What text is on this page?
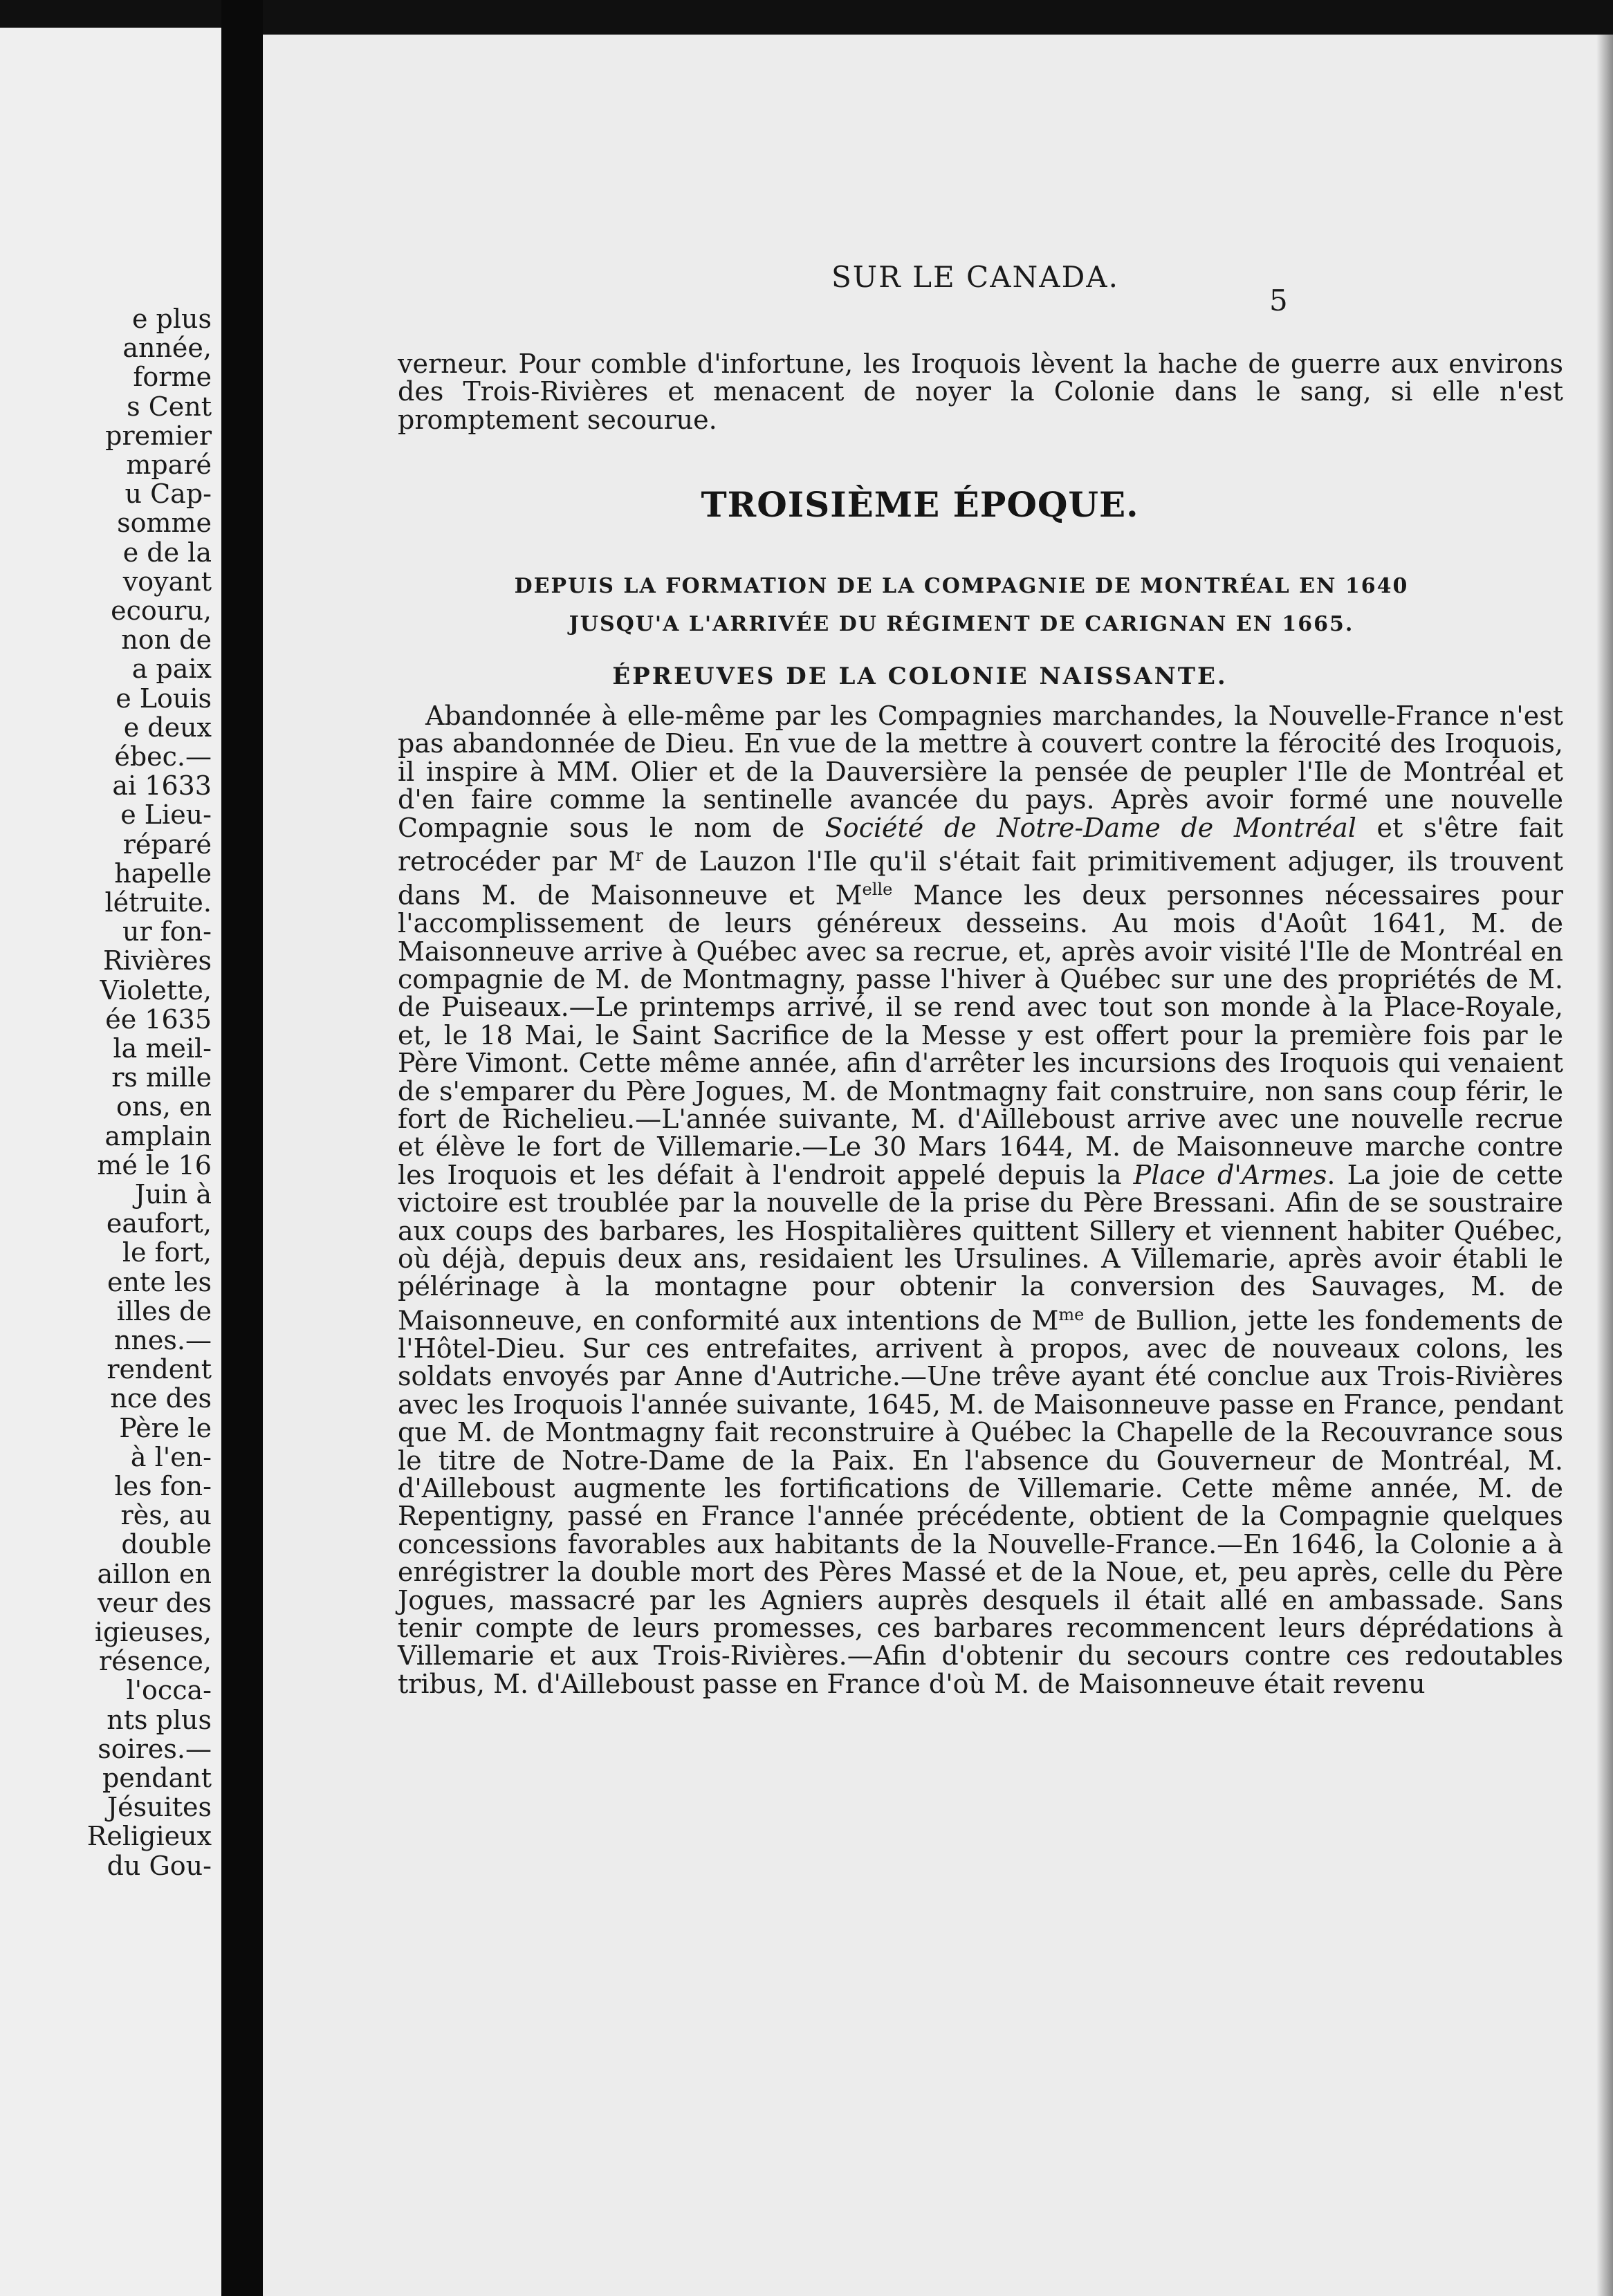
e plus
année,
forme
s Cent
premier
mparé
u Cap-
somme
e de la
voyant
ecouru,
non de
a paix
e Louis
e deux
ébec.—
ai 1633
e Lieu-
réparé
hapelle
létruite.
ur fon-
Rivières
Violette,
ée 1635
la meil-
rs mille
ons, en
amplain
mé le 16
Juin à
eaufort,
le fort,
ente les
illes de
nnes.—
rendent
nce des
Père le
à l'en-
les fon-
rès, au
double
aillon en
veur des
igieuses,
résence,
l'occa-
nts plus
soires.—
pendant
Jésuites
Religieux
du Gou-
SUR LE CANADA.
5

verneur. Pour comble d'infortune, les Iroquois lèvent la hache de guerre aux environs des Trois-Rivières et menacent de noyer la Colonie dans le sang, si elle n'est promptement secourue.

TROISIÈME ÉPOQUE.
DEPUIS LA FORMATION DE LA COMPAGNIE DE MONTRÉAL EN 1640
JUSQU'A L'ARRIVÉE DU RÉGIMENT DE CARIGNAN EN 1665.
ÉPREUVES DE LA COLONIE NAISSANTE.

Abandonnée à elle-même par les Compagnies marchandes, la Nouvelle-France n'est pas abandonnée de Dieu. En vue de la mettre à couvert contre la férocité des Iroquois, il inspire à MM. Olier et de la Dauversière la pensée de peupler l'Ile de Montréal et d'en faire comme la sentinelle avancée du pays. Après avoir formé une nouvelle Compagnie sous le nom de Société de Notre-Dame de Montréal et s'être fait retrocéder par $M^r$ de Lauzon l'Ile qu'il s'était fait primitivement adjuger, ils trouvent dans M. de Maisonneuve et $M^{elle}$ Mance les deux personnes nécessaires pour l'accomplissement de leurs généreux desseins. Au mois d'Août 1641, M. de Maisonneuve arrive à Québec avec sa recrue, et, après avoir visité l'Ile de Montréal en compagnie de M. de Montmagny, passe l'hiver à Québec sur une des propriétés de M. de Puiseaux.—Le printemps arrivé, il se rend avec tout son monde à la Place-Royale, et, le 18 Mai, le Saint Sacrifice de la Messe y est offert pour la première fois par le Père Vimont. Cette même année, afin d'arrêter les incursions des Iroquois qui venaient de s'emparer du Père Jogues, M. de Montmagny fait construire, non sans coup férir, le fort de Richelieu.—L'année suivante, M. d'Ailleboust arrive avec une nouvelle recrue et élève le fort de Villemarie.—Le 30 Mars 1644, M. de Maisonneuve marche contre les Iroquois et les défait à l'endroit appelé depuis la Place d'Armes. La joie de cette victoire est troublée par la nouvelle de la prise du Père Bressani. Afin de se soustraire aux coups des barbares, les Hospitalières quittent Sillery et viennent habiter Québec, où déjà, depuis deux ans, residaient les Ursulines. A Villemarie, après avoir établi le pélérinage à la montagne pour obtenir la conversion des Sauvages, M. de Maisonneuve, en conformité aux intentions de $M^{me}$ de Bullion, jette les fondements de l'Hôtel-Dieu. Sur ces entrefaites, arrivent à propos, avec de nouveaux colons, les soldats envoyés par Anne d'Autriche.—Une trêve ayant été conclue aux Trois-Rivières avec les Iroquois l'année suivante, 1645, M. de Maisonneuve passe en France, pendant que M. de Montmagny fait reconstruire à Québec la Chapelle de la Recouvrance sous le titre de Notre-Dame de la Paix. En l'absence du Gouverneur de Montréal, M. d'Ailleboust augmente les fortifications de Villemarie. Cette même année, M. de Repentigny, passé en France l'année précédente, obtient de la Compagnie quelques concessions favorables aux habitants de la Nouvelle-France.—En 1646, la Colonie a à enrégistrer la double mort des Pères Massé et de la Noue, et, peu après, celle du Père Jogues, massacré par les Agniers auprès desquels il était allé en ambassade. Sans tenir compte de leurs promesses, ces barbares recommencent leurs déprédations à Villemarie et aux Trois-Rivières.—Afin d'obtenir du secours contre ces redoutables tribus, M. d'Ailleboust passe en France d'où M. de Maisonneuve était revenu
